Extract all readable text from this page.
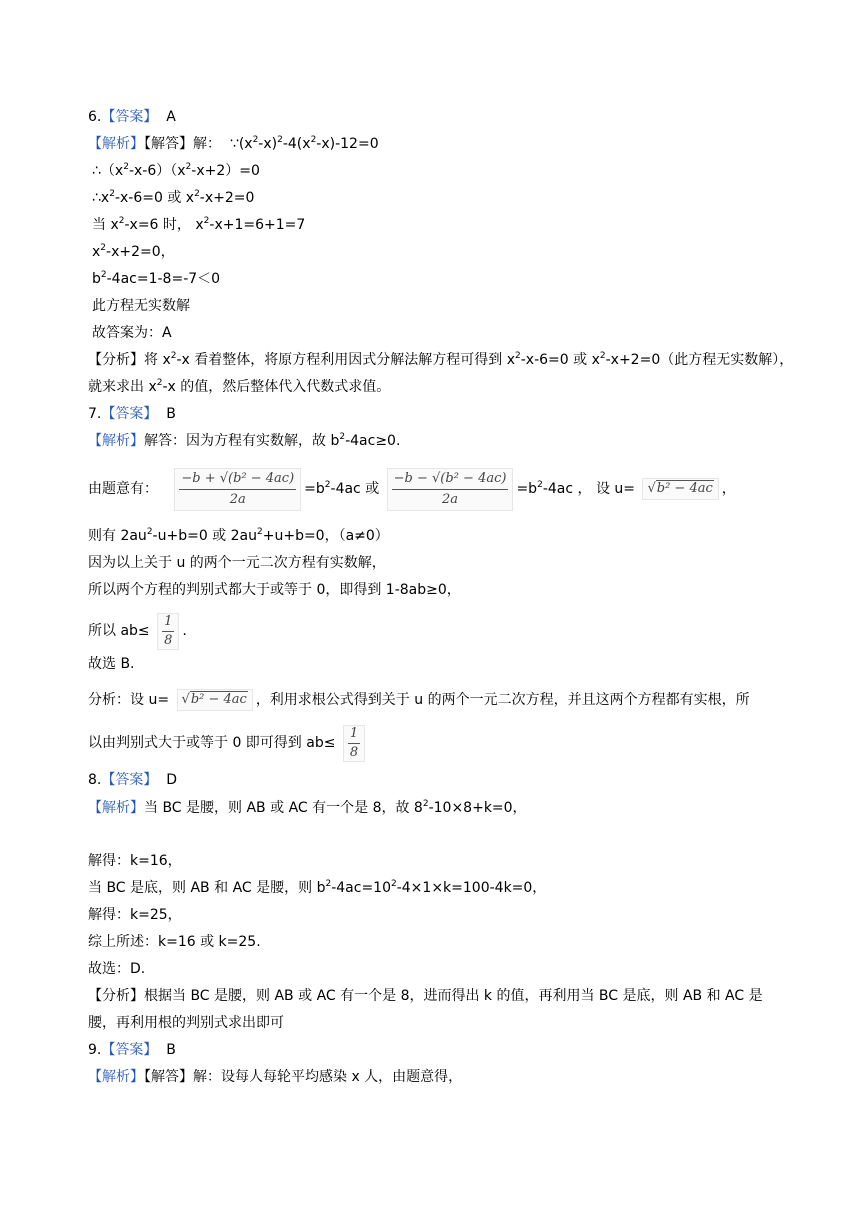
6.【答案】 A
【解析】【解答】解： $\because(x^2-x)^2-4(x^2-x)-12=0$
$\therefore(x^2-x-6)(x^2-x+2)=0$
$\therefore x^2-x-6=0$ 或 $x^2-x+2=0$
当 $x^2-x=6$ 时， $x^2-x+1=6+1=7$
$x^2-x+2=0$，
$b^2-4ac=1-8=-7<0$
此方程无实数解
故答案为：A
【分析】将 $x^2-x$ 看着整体，将原方程利用因式分解法解方程可得到 $x^2-x-6=0$ 或 $x^2-x+2=0$（此方程无实数解），
就来求出 $x^2-x$ 的值，然后整体代入代数式求值。
7.【答案】 B
【解析】解答：因为方程有实数解，故 $b^2-4ac\ge 0$.
由题意有： $\frac{\text{−b + √(b² − 4ac)}}{2a} =b^2-4ac$ 或 $\frac{\text{−b − √(b² − 4ac)}}{2a} =b^2-4ac$ ， 设 u= √b² − 4ac ，
则有 $2au^2-u+b=0$ 或 $2au^2+u+b=0$，（a≠0）
因为以上关于 u 的两个一元二次方程有实数解，
所以两个方程的判别式都大于或等于 0，即得到 1-8ab≥0，
所以 $ab\le \frac{1}{8}$ .
故选 B.
分析：设 u= √b² − 4ac ，利用求根公式得到关于 u 的两个一元二次方程，并且这两个方程都有实根，所
以由判别式大于或等于 0 即可得到 $ab\le \frac{1}{8}$
8.【答案】 D
【解析】当 BC 是腰，则 AB 或 AC 有一个是 8，故 $8^2-10\times 8+k=0$，
解得：k=16，
当 BC 是底，则 AB 和 AC 是腰，则 $b^2-4ac=10^2-4\times 1\times k=100-4k=0$，
解得：k=25，
综上所述：k=16 或 k=25.
故选：D.
【分析】根据当 BC 是腰，则 AB 或 AC 有一个是 8，进而得出 k 的值，再利用当 BC 是底，则 AB 和 AC 是
腰，再利用根的判别式求出即可
9.【答案】 B
【解析】【解答】解：设每人每轮平均感染 x 人，由题意得，
